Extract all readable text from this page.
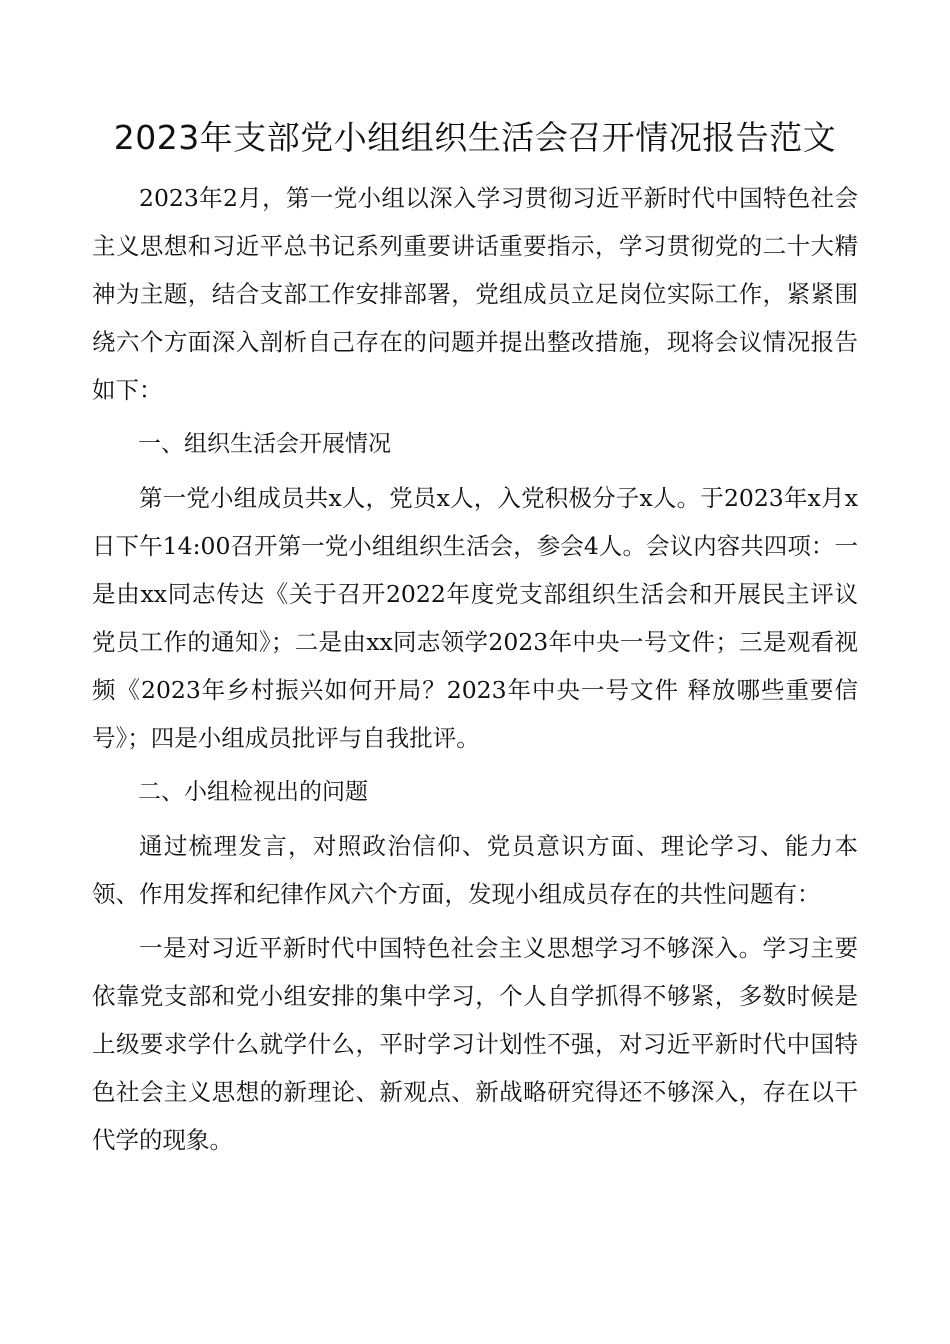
2023年支部党小组组织生活会召开情况报告范文

2023年2月，第一党小组以深入学习贯彻习近平新时代中国特色社会主义思想和习近平总书记系列重要讲话重要指示，学习贯彻党的二十大精神为主题，结合支部工作安排部署，党组成员立足岗位实际工作，紧紧围绕六个方面深入剖析自己存在的问题并提出整改措施，现将会议情况报告如下：

一、组织生活会开展情况

第一党小组成员共x人，党员x人，入党积极分子x人。于2023年x月x日下午14:00召开第一党小组组织生活会，参会4人。会议内容共四项：一是由xx同志传达《关于召开2022年度党支部组织生活会和开展民主评议党员工作的通知》；二是由xx同志领学2023年中央一号文件；三是观看视频《2023年乡村振兴如何开局？2023年中央一号文件 释放哪些重要信号》；四是小组成员批评与自我批评。

二、小组检视出的问题

通过梳理发言，对照政治信仰、党员意识方面、理论学习、能力本领、作用发挥和纪律作风六个方面，发现小组成员存在的共性问题有：

一是对习近平新时代中国特色社会主义思想学习不够深入。学习主要依靠党支部和党小组安排的集中学习，个人自学抓得不够紧，多数时候是上级要求学什么就学什么，平时学习计划性不强，对习近平新时代中国特色社会主义思想的新理论、新观点、新战略研究得还不够深入，存在以干代学的现象。
